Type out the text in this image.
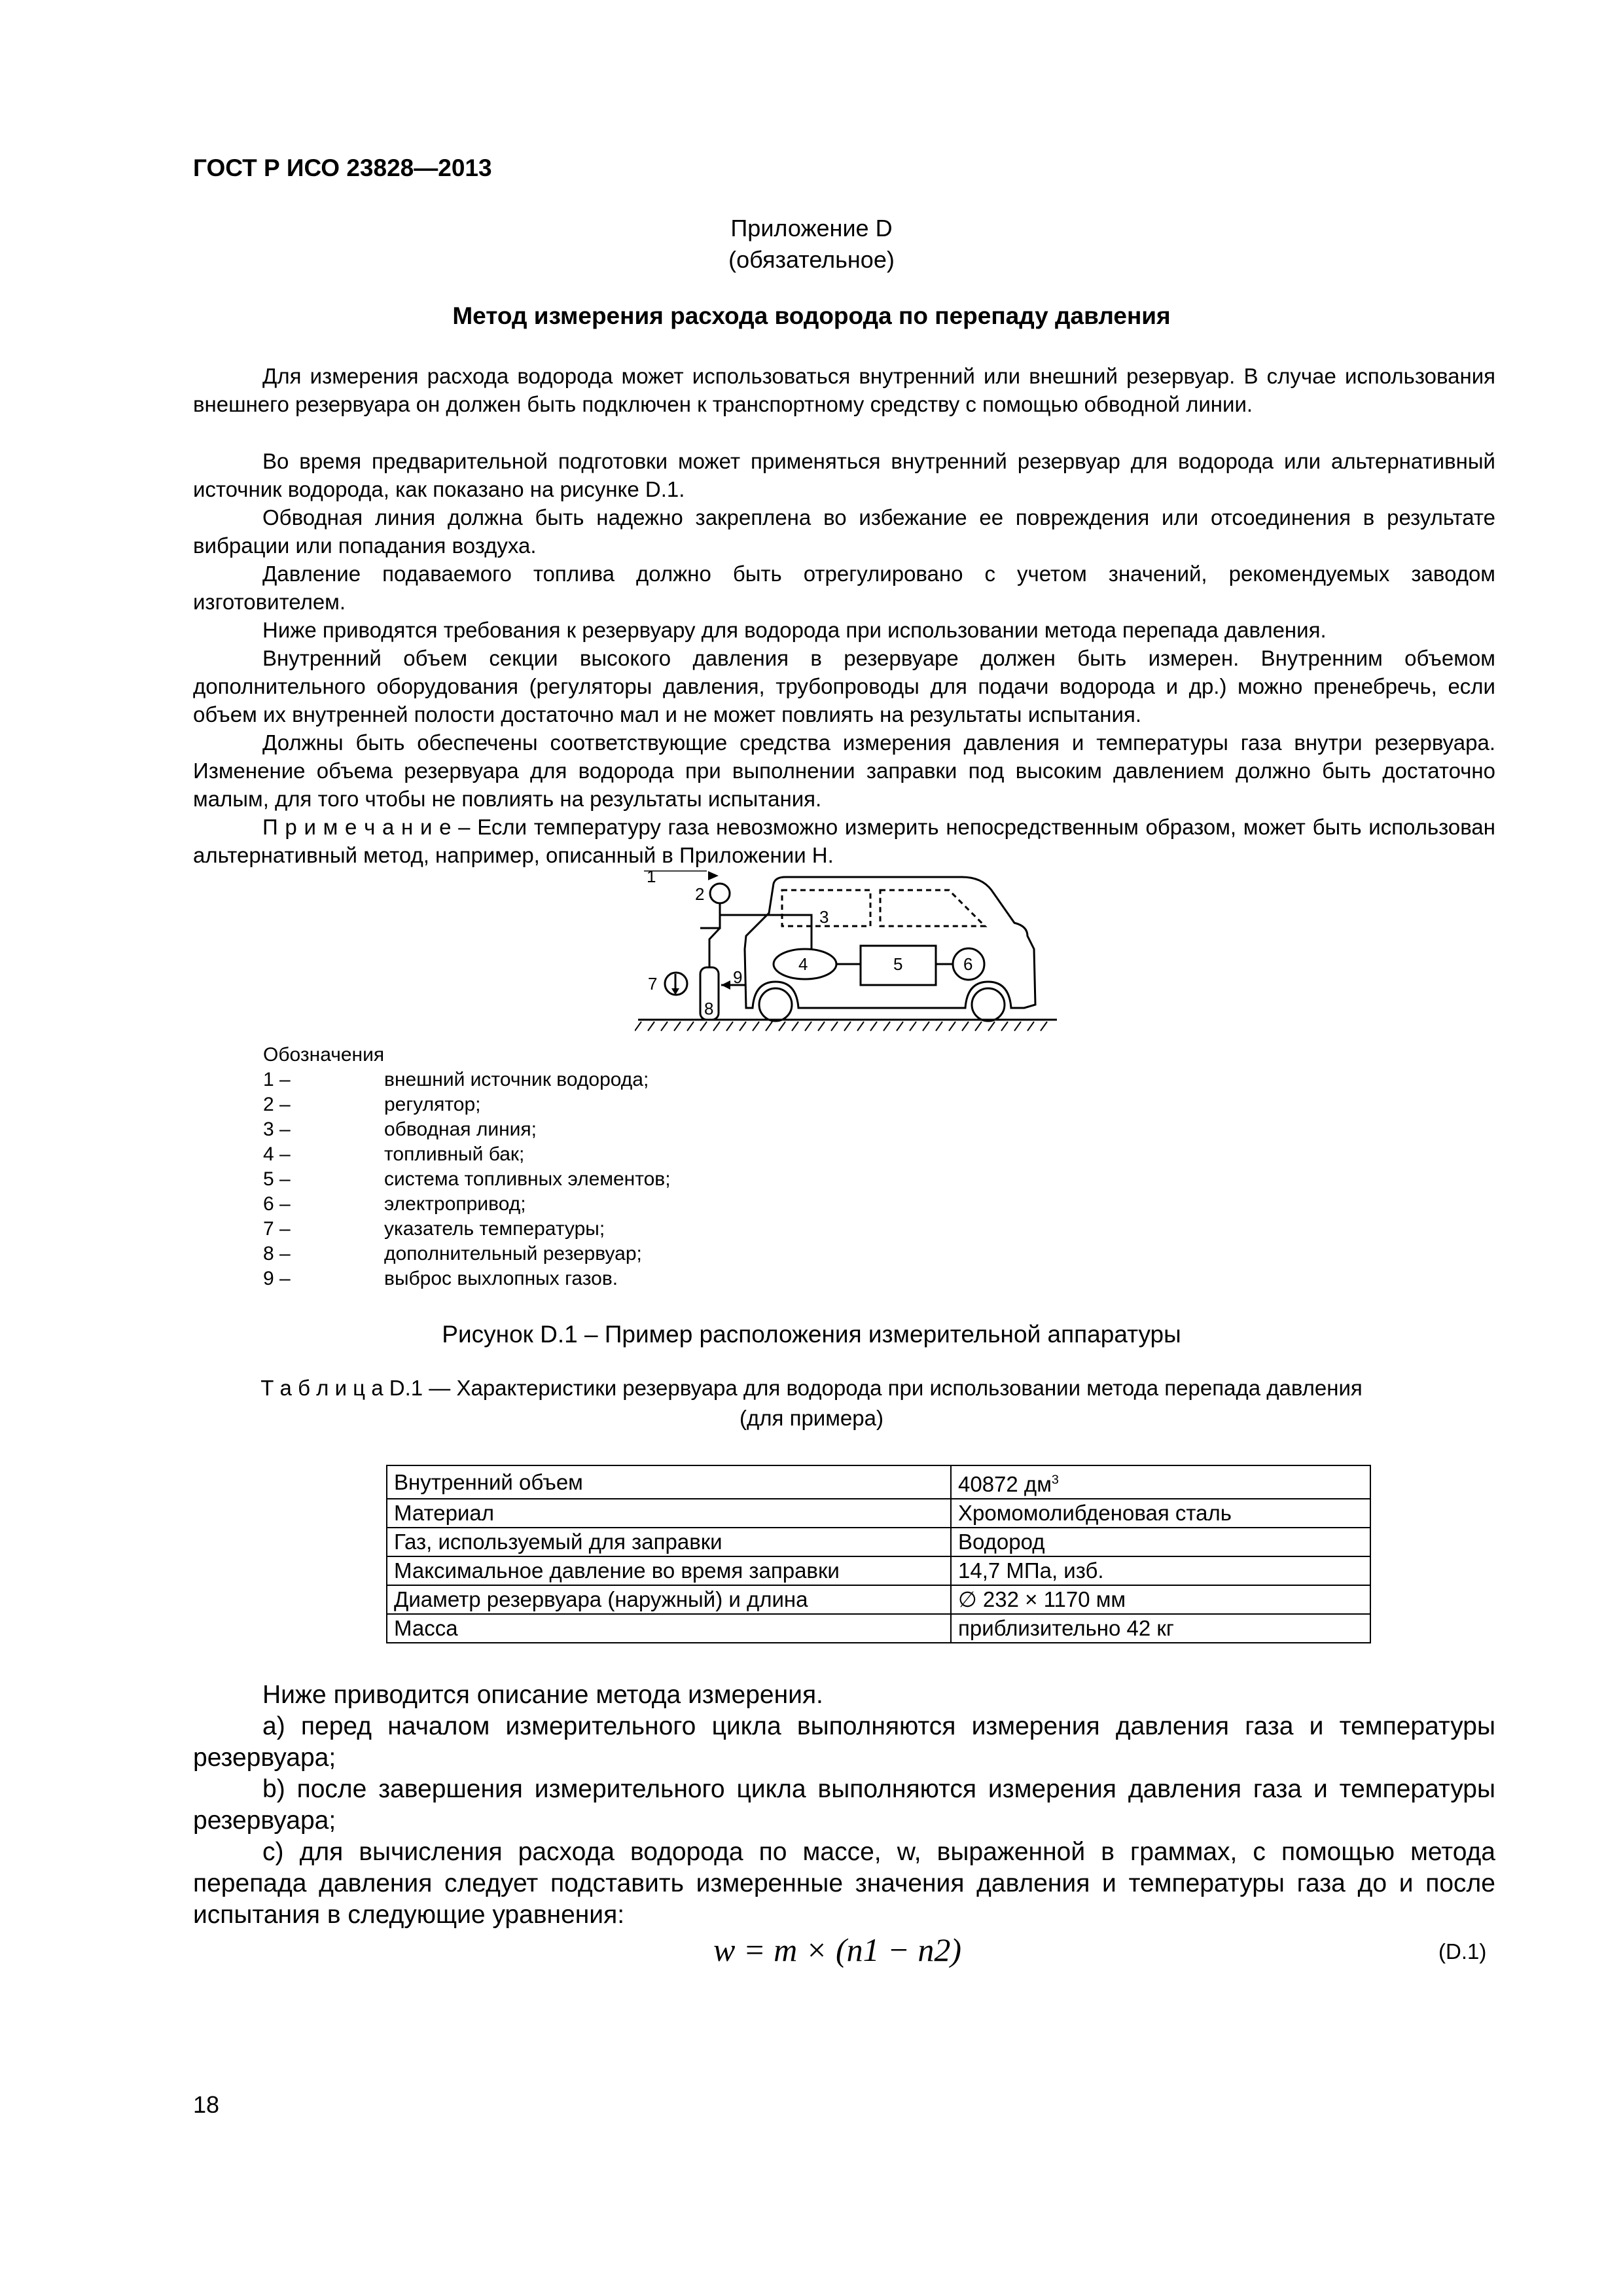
ГОСТ Р ИСО 23828—2013
Приложение D
(обязательное)
Метод измерения расхода водорода по перепаду давления

Для измерения расхода водорода может использоваться внутренний или внешний резервуар. В случае использования внешнего резервуара он должен быть подключен к транспортному средству с помощью обводной линии.

Во время предварительной подготовки может применяться внутренний резервуар для водорода или альтернативный источник водорода, как показано на рисунке D.1.

Обводная линия должна быть надежно закреплена во избежание ее повреждения или отсоединения в результате вибрации или попадания воздуха.

Давление подаваемого топлива должно быть отрегулировано с учетом значений, рекомендуемых заводом изготовителем.

Ниже приводятся требования к резервуару для водорода при использовании метода перепада давления.

Внутренний объем секции высокого давления в резервуаре должен быть измерен. Внутренним объемом дополнительного оборудования (регуляторы давления, трубопроводы для подачи водорода и др.) можно пренебречь, если объем их внутренней полости достаточно мал и не может повлиять на результаты испытания.

Должны быть обеспечены соответствующие средства измерения давления и температуры газа внутри резервуара. Изменение объема резервуара для водорода при выполнении заправки под высоким давлением должно быть достаточно малым, для того чтобы не повлиять на результаты испытания.

П р и м е ч а н и е – Если температуру газа невозможно измерить непосредственным образом, может быть использован альтернативный метод, например, описанный в Приложении H.

1
2
3
4	5	6
7
8
9
Обозначения
1 –	внешний источник водорода;
2 –	регулятор;
3 –	обводная линия;
4 –	топливный бак;
5 –	система топливных элементов;
6 –	электропривод;
7 –	указатель температуры;
8 –	дополнительный резервуар;
9 –	выброс выхлопных газов.
Рисунок D.1 – Пример расположения измерительной аппаратуры
Т а б л и ц а D.1 — Характеристики резервуара для водорода при использовании метода перепада давления
(для примера)
Внутренний объем	40872 $дм^3$
Материал	Хромомолибденовая сталь
Газ, используемый для заправки	Водород
Максимальное давление во время заправки	14,7 МПа, изб.
Диаметр резервуара (наружный) и длина	∅ 232 × 1170 мм
Масса	приблизительно 42 кг

Ниже приводится описание метода измерения.

а) перед началом измерительного цикла выполняются измерения давления газа и температуры резервуара;

b) после завершения измерительного цикла выполняются измерения давления газа и температуры резервуара;

c) для вычисления расхода водорода по массе, w, выраженной в граммах, с помощью метода перепада давления следует подставить измеренные значения давления и температуры газа до и после испытания в следующие уравнения:

w = m × (n1 − n2)	(D.1)
18
